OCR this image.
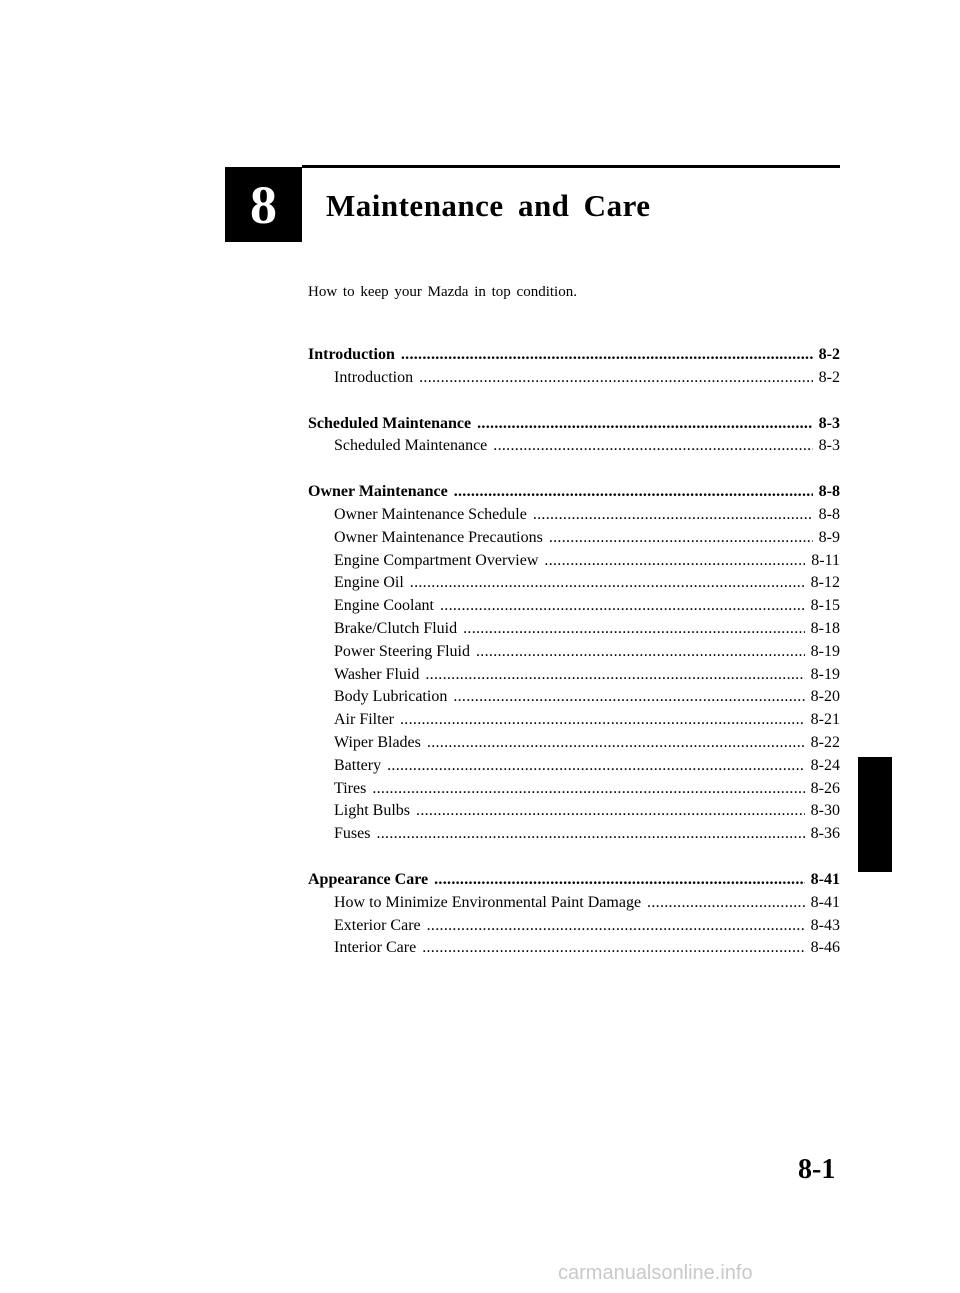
8 Maintenance and Care
How to keep your Mazda in top condition.
Introduction .....	8-2
Introduction .....	8-2
Scheduled Maintenance .....	8-3
Scheduled Maintenance .....	8-3
Owner Maintenance .....	8-8
Owner Maintenance Schedule .....	8-8
Owner Maintenance Precautions .....	8-9
Engine Compartment Overview .....	8-11
Engine Oil .....	8-12
Engine Coolant .....	8-15
Brake/Clutch Fluid .....	8-18
Power Steering Fluid .....	8-19
Washer Fluid .....	8-19
Body Lubrication .....	8-20
Air Filter .....	8-21
Wiper Blades .....	8-22
Battery .....	8-24
Tires .....	8-26
Light Bulbs .....	8-30
Fuses .....	8-36
Appearance Care .....	8-41
How to Minimize Environmental Paint Damage .....	8-41
Exterior Care .....	8-43
Interior Care .....	8-46
8-1
carmanualsonline.info
